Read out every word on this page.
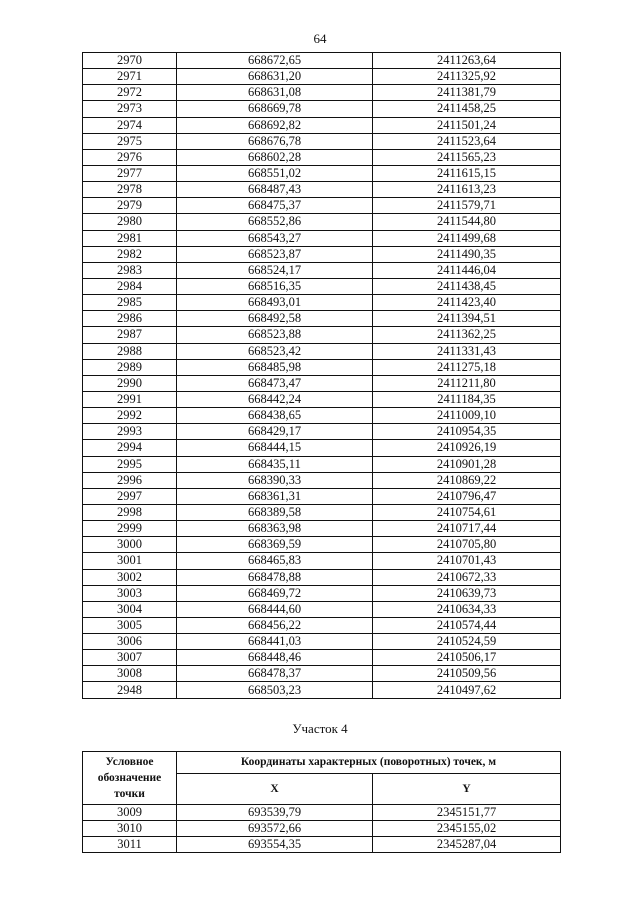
64
2970	668672,65	2411263,64
2971	668631,20	2411325,92
2972	668631,08	2411381,79
2973	668669,78	2411458,25
2974	668692,82	2411501,24
2975	668676,78	2411523,64
2976	668602,28	2411565,23
2977	668551,02	2411615,15
2978	668487,43	2411613,23
2979	668475,37	2411579,71
2980	668552,86	2411544,80
2981	668543,27	2411499,68
2982	668523,87	2411490,35
2983	668524,17	2411446,04
2984	668516,35	2411438,45
2985	668493,01	2411423,40
2986	668492,58	2411394,51
2987	668523,88	2411362,25
2988	668523,42	2411331,43
2989	668485,98	2411275,18
2990	668473,47	2411211,80
2991	668442,24	2411184,35
2992	668438,65	2411009,10
2993	668429,17	2410954,35
2994	668444,15	2410926,19
2995	668435,11	2410901,28
2996	668390,33	2410869,22
2997	668361,31	2410796,47
2998	668389,58	2410754,61
2999	668363,98	2410717,44
3000	668369,59	2410705,80
3001	668465,83	2410701,43
3002	668478,88	2410672,33
3003	668469,72	2410639,73
3004	668444,60	2410634,33
3005	668456,22	2410574,44
3006	668441,03	2410524,59
3007	668448,46	2410506,17
3008	668478,37	2410509,56
2948	668503,23	2410497,62
Участок 4
Условное обозначение точки	Координаты характерных (поворотных) точек, м	
	X	Y
3009	693539,79	2345151,77
3010	693572,66	2345155,02
3011	693554,35	2345287,04
